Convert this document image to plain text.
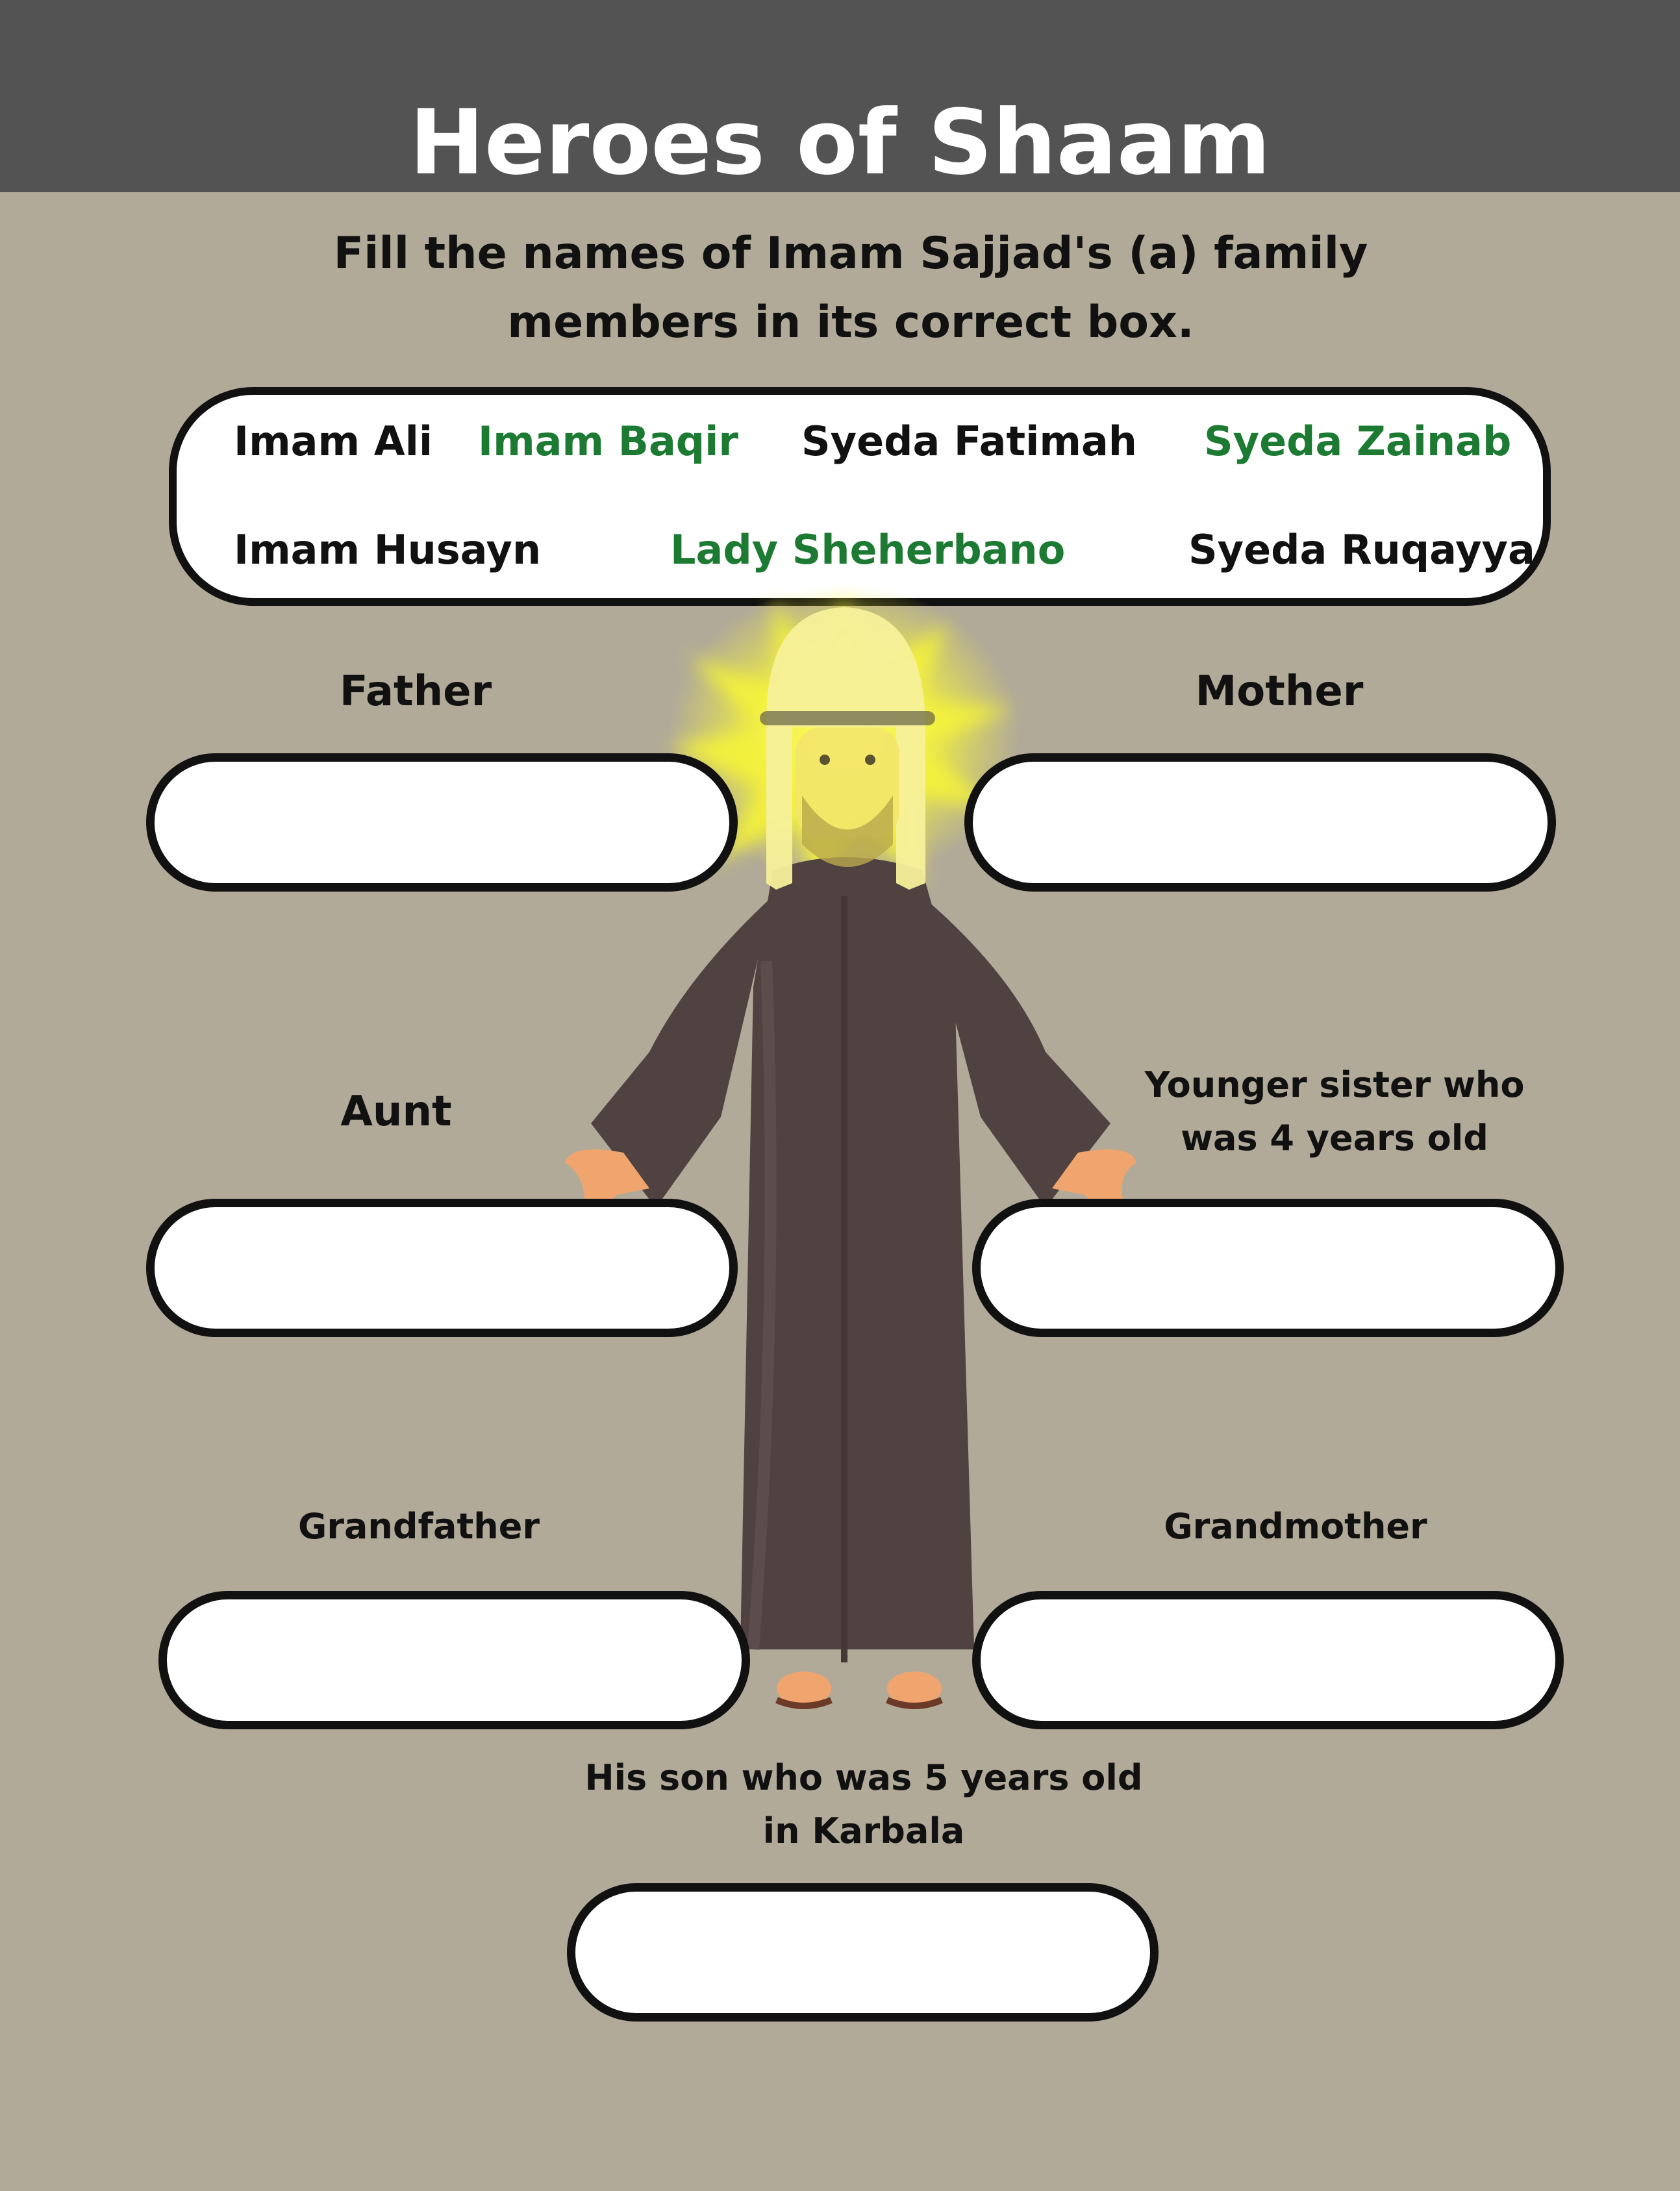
Heroes of Shaam
Fill the names of Imam Sajjad's (a) family
members in its correct box.
Imam Ali Imam Baqir Syeda Fatimah Syeda Zainab
Imam Husayn	Lady Sheherbano	Syeda Ruqayya
Father	Mother
Aunt
Younger sister who
was 4 years old
Grandfather	Grandmother
His son who was 5 years old
in Karbala
